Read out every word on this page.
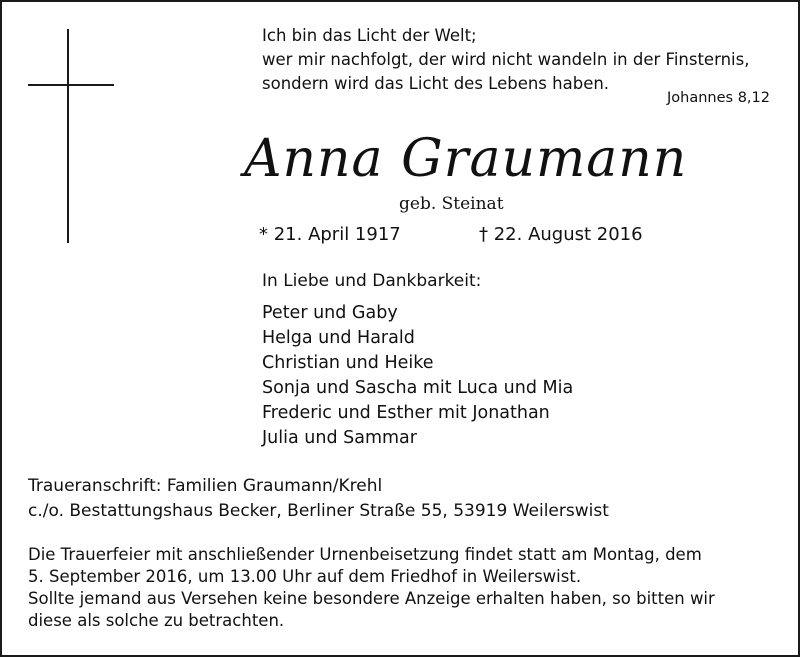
Ich bin das Licht der Welt;
wer mir nachfolgt, der wird nicht wandeln in der Finsternis,
sondern wird das Licht des Lebens haben.
Johannes 8,12
Anna Graumann
geb. Steinat
* 21. April 1917	† 22. August 2016
In Liebe und Dankbarkeit:
Peter und Gaby
Helga und Harald
Christian und Heike
Sonja und Sascha mit Luca und Mia
Frederic und Esther mit Jonathan
Julia und Sammar
Traueranschrift: Familien Graumann/Krehl
c./o. Bestattungshaus Becker, Berliner Straße 55, 53919 Weilerswist
Die Trauerfeier mit anschließender Urnenbeisetzung findet statt am Montag, dem
5. September 2016, um 13.00 Uhr auf dem Friedhof in Weilerswist.
Sollte jemand aus Versehen keine besondere Anzeige erhalten haben, so bitten wir
diese als solche zu betrachten.
